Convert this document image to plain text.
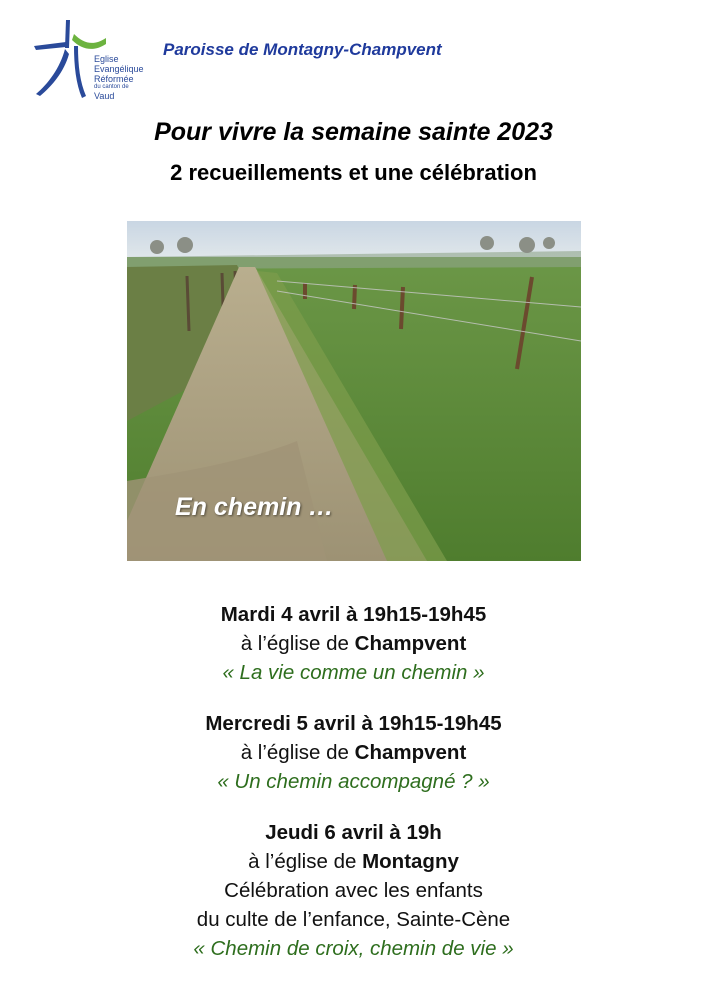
Eglise
Evangélique
Réformée
du canton de
Vaud
Paroisse de Montagny-Champvent
Pour vivre la semaine sainte 2023
2 recueillements et une célébration
En chemin …
Mardi 4 avril à 19h15-19h45
à l’église de Champvent
« La vie comme un chemin »
Mercredi 5 avril à 19h15-19h45
à l’église de Champvent
« Un chemin accompagné ? »
Jeudi 6 avril à 19h
à l’église de Montagny
Célébration avec les enfants
du culte de l’enfance, Sainte-Cène
« Chemin de croix, chemin de vie »
